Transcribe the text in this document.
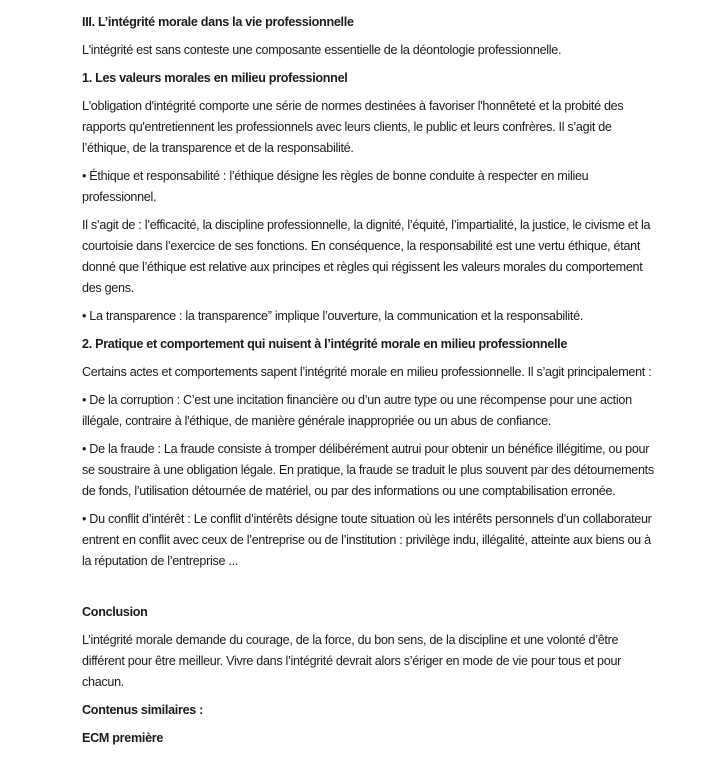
III. L’intégrité morale dans la vie professionnelle

L'intégrité est sans conteste une composante essentielle de la déontologie professionnelle.

1. Les valeurs morales en milieu professionnel

L'obligation d'intégrité comporte une série de normes destinées à favoriser l'honnêteté et la probité des rapports qu'entretiennent les professionnels avec leurs clients, le public et leurs confrères. Il s’agit de l’éthique, de la transparence et de la responsabilité.

• Éthique et responsabilité : l’éthique désigne les règles de bonne conduite à respecter en milieu professionnel.

Il s’agit de : l’efficacité, la discipline professionnelle, la dignité, l’équité, l’impartialité, la justice, le civisme et la courtoisie dans l’exercice de ses fonctions. En conséquence, la responsabilité est une vertu éthique, étant donné que l’éthique est relative aux principes et règles qui régissent les valeurs morales du comportement des gens.

• La transparence : la transparence” implique l’ouverture, la communication et la responsabilité.

2. Pratique et comportement qui nuisent à l’intégrité morale en milieu professionnelle

Certains actes et comportements sapent l’intégrité morale en milieu professionnelle. Il s’agit principalement :

• De la corruption : C’est une incitation financière ou d’un autre type ou une récompense pour une action illégale, contraire à l'éthique, de manière générale inappropriée ou un abus de confiance.

• De la fraude : La fraude consiste à tromper délibérément autrui pour obtenir un bénéfice illégitime, ou pour se soustraire à une obligation légale. En pratique, la fraude se traduit le plus souvent par des détournements de fonds, l’utilisation détournée de matériel, ou par des informations ou une comptabilisation erronée.

• Du conflit d’intérêt : Le conflit d’intérêts désigne toute situation où les intérêts personnels d’un collaborateur entrent en conflit avec ceux de l’entreprise ou de l’institution : privilège indu, illégalité, atteinte aux biens ou à la réputation de l’entreprise ...

Conclusion

L’intégrité morale demande du courage, de la force, du bon sens, de la discipline et une volonté d’être différent pour être meilleur. Vivre dans l’intégrité devrait alors s’ériger en mode de vie pour tous et pour chacun.

Contenus similaires :

ECM première
